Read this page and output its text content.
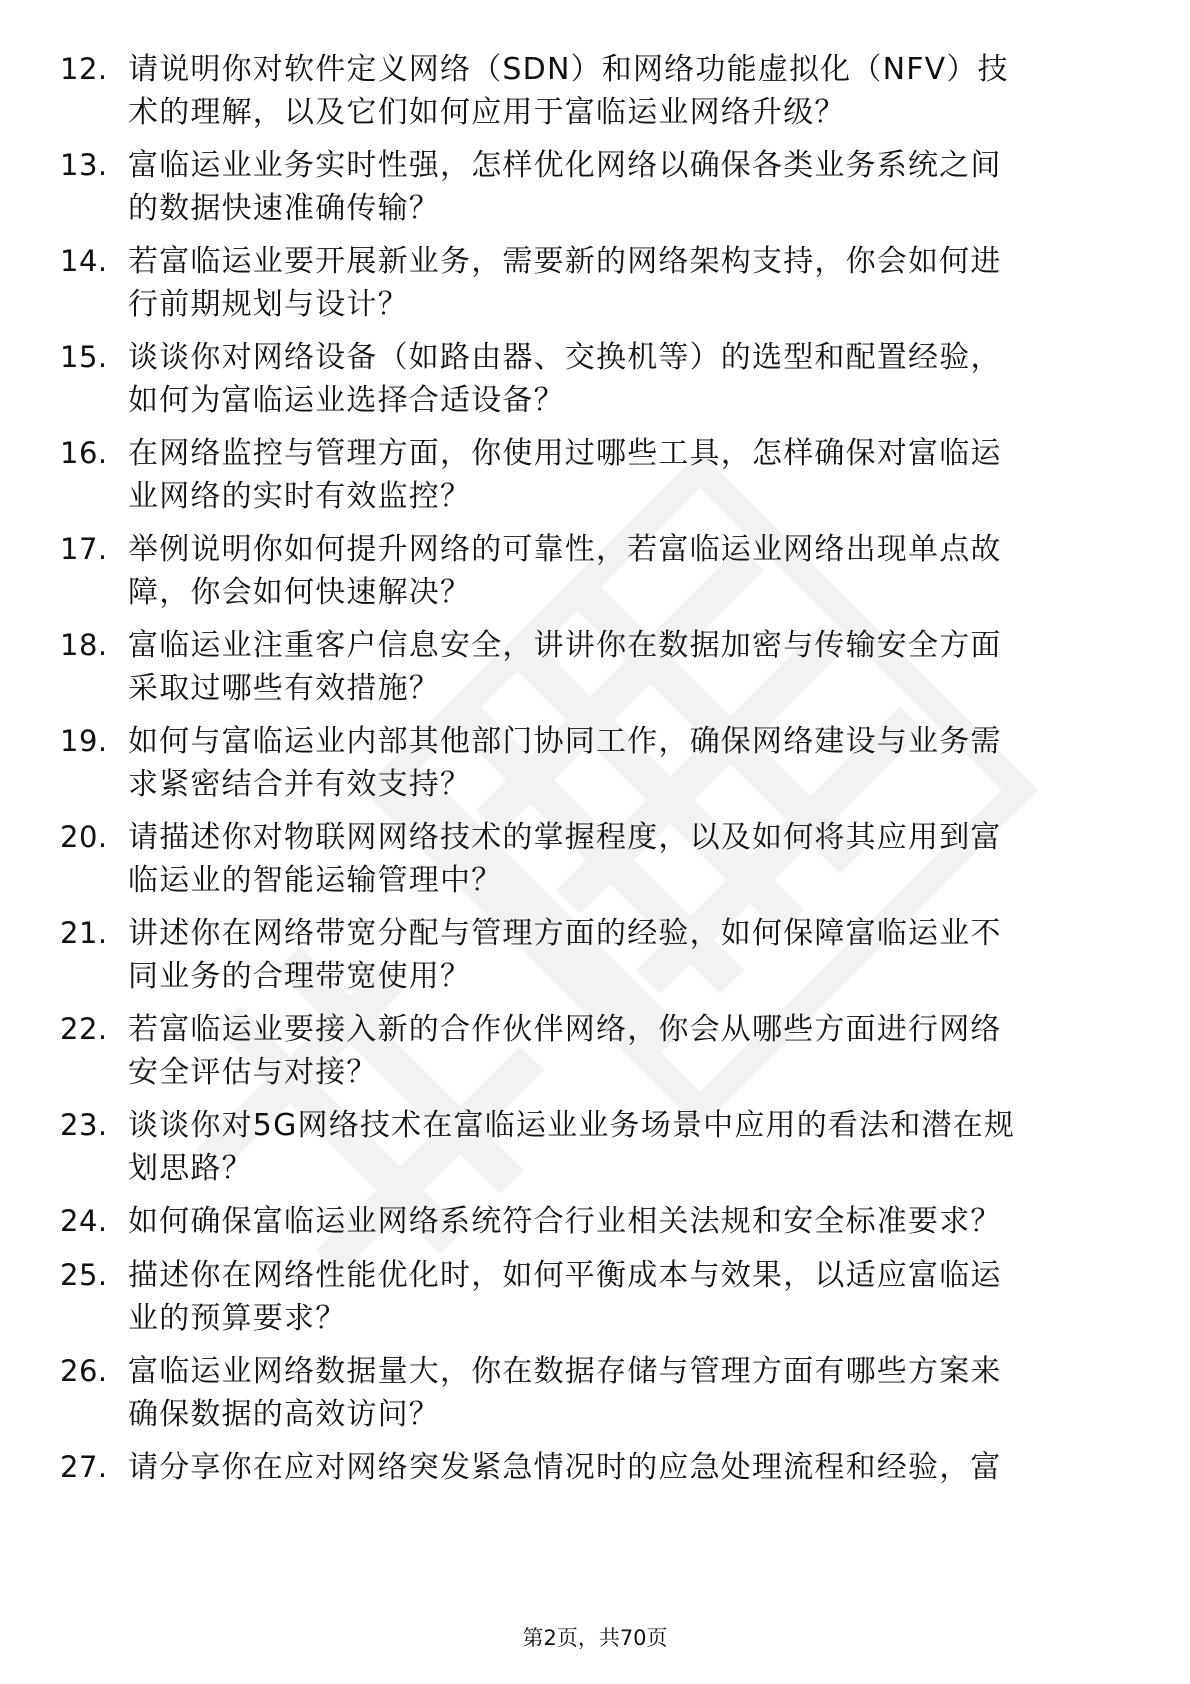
12. 请说明你对软件定义网络（SDN）和网络功能虚拟化（NFV）技
术的理解，以及它们如何应用于富临运业网络升级？
13. 富临运业业务实时性强，怎样优化网络以确保各类业务系统之间
的数据快速准确传输？
14. 若富临运业要开展新业务，需要新的网络架构支持，你会如何进
行前期规划与设计？
15. 谈谈你对网络设备（如路由器、交换机等）的选型和配置经验，
如何为富临运业选择合适设备？
16. 在网络监控与管理方面，你使用过哪些工具，怎样确保对富临运
业网络的实时有效监控？
17. 举例说明你如何提升网络的可靠性，若富临运业网络出现单点故
障，你会如何快速解决？
18. 富临运业注重客户信息安全，讲讲你在数据加密与传输安全方面
采取过哪些有效措施？
19. 如何与富临运业内部其他部门协同工作，确保网络建设与业务需
求紧密结合并有效支持？
20. 请描述你对物联网网络技术的掌握程度，以及如何将其应用到富
临运业的智能运输管理中？
21. 讲述你在网络带宽分配与管理方面的经验，如何保障富临运业不
同业务的合理带宽使用？
22. 若富临运业要接入新的合作伙伴网络，你会从哪些方面进行网络
安全评估与对接？
23. 谈谈你对5G网络技术在富临运业业务场景中应用的看法和潜在规
划思路？
24. 如何确保富临运业网络系统符合行业相关法规和安全标准要求？
25. 描述你在网络性能优化时，如何平衡成本与效果，以适应富临运
业的预算要求？
26. 富临运业网络数据量大，你在数据存储与管理方面有哪些方案来
确保数据的高效访问？
27. 请分享你在应对网络突发紧急情况时的应急处理流程和经验，富
第2页，共70页
